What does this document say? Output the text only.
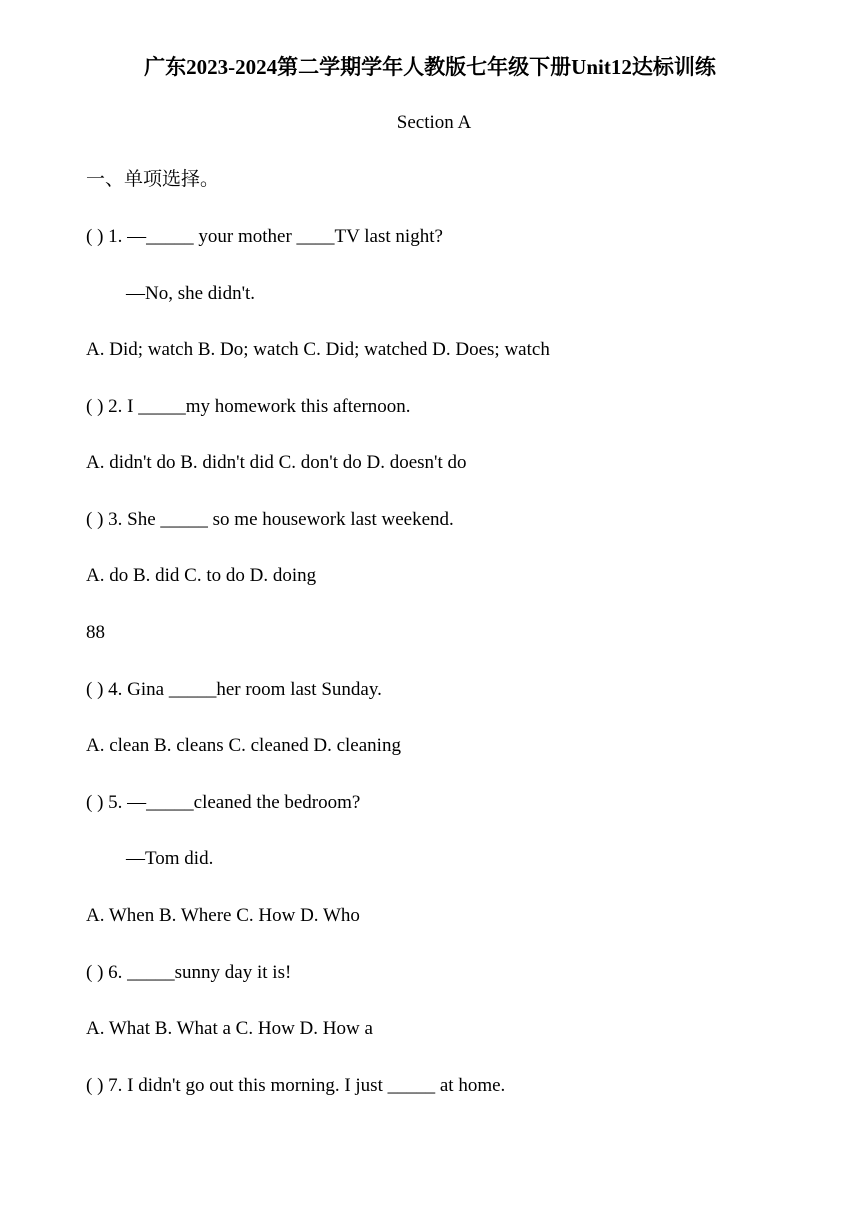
广东2023-2024第二学期学年人教版七年级下册Unit12达标训练
Section A
一、单项选择。
( ) 1. —_____ your mother ____TV last night?
—No, she didn't.
A. Did; watch B. Do; watch C. Did; watched D. Does; watch
( ) 2. I _____my homework this afternoon.
A. didn't do B. didn't did C. don't do D. doesn't do
( ) 3. She _____ so me housework last weekend.
A. do B. did C. to do D. doing
88
( ) 4. Gina _____her room last Sunday.
A. clean B. cleans C. cleaned D. cleaning
( ) 5. —_____cleaned the bedroom?
—Tom did.
A. When B. Where C. How D. Who
( ) 6. _____sunny day it is!
A. What B. What a C. How D. How a
( ) 7. I didn't go out this morning. I just _____ at home.
